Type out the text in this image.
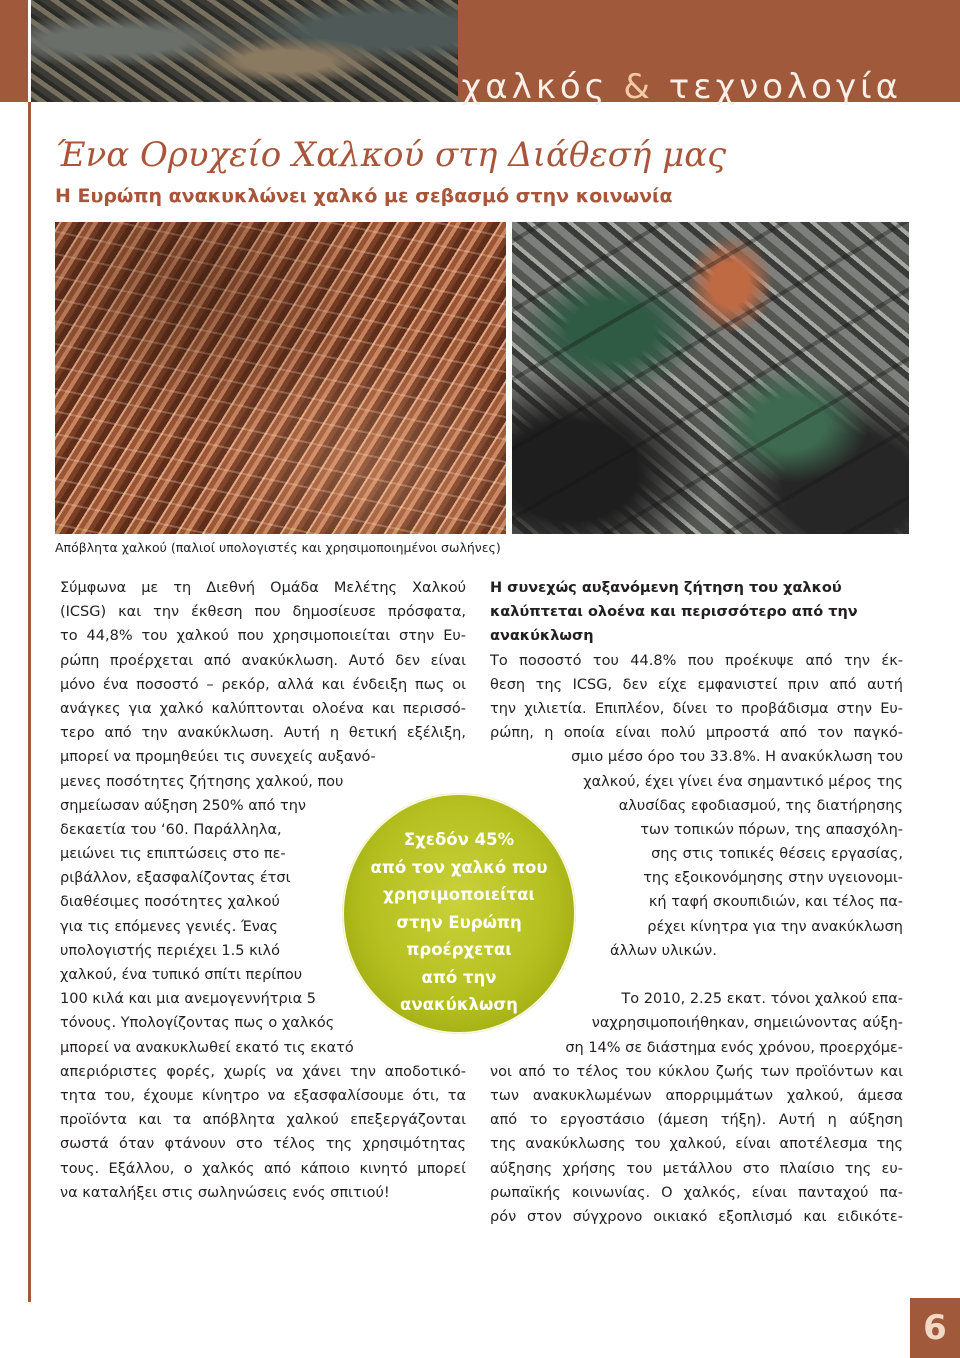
χαλκός & τεχνολογία
Ένα Ορυχείο Χαλκού στη Διάθεσή μας

Η Ευρώπη ανακυκλώνει χαλκό με σεβασμό στην κοινωνία

Απόβλητα χαλκού (παλιοί υπολογιστές και χρησιμοποιημένοι σωλήνες)

Σύμφωνα με τη Διεθνή Ομάδα Μελέτης Χαλκού
(ICSG) και την έκθεση που δημοσίευσε πρόσφατα,
το 44,8% του χαλκού που χρησιμοποιείται στην Ευ-
ρώπη προέρχεται από ανακύκλωση. Αυτό δεν είναι
μόνο ένα ποσοστό – ρεκόρ, αλλά και ένδειξη πως οι
ανάγκες για χαλκό καλύπτονται ολοένα και περισσό-
τερο από την ανακύκλωση. Αυτή η θετική εξέλιξη,
μπορεί να προμηθεύει τις συνεχείς αυξανό-
μενες ποσότητες ζήτησης χαλκού, που
σημείωσαν αύξηση 250% από την
δεκαετία του ‘60. Παράλληλα,
μειώνει τις επιπτώσεις στο πε-
ριβάλλον, εξασφαλίζοντας έτσι
διαθέσιμες ποσότητες χαλκού
για τις επόμενες γενιές. Ένας
υπολογιστής περιέχει 1.5 κιλό
χαλκού, ένα τυπικό σπίτι περίπου
100 κιλά και μια ανεμογεννήτρια 5
τόνους. Υπολογίζοντας πως ο χαλκός
μπορεί να ανακυκλωθεί εκατό τις εκατό
απεριόριστες φορές, χωρίς να χάνει την αποδοτικό-
τητα του, έχουμε κίνητρο να εξασφαλίσουμε ότι, τα
προϊόντα και τα απόβλητα χαλκού επεξεργάζονται
σωστά όταν φτάνουν στο τέλος της χρησιμότητας
τους. Εξάλλου, ο χαλκός από κάποιο κινητό μπορεί
να καταλήξει στις σωληνώσεις ενός σπιτιού!
Η συνεχώς αυξανόμενη ζήτηση του χαλκού
καλύπτεται ολοένα και περισσότερο από την
ανακύκλωση
Το ποσοστό του 44.8% που προέκυψε από την έκ-
θεση της ICSG, δεν είχε εμφανιστεί πριν από αυτή
την χιλιετία. Επιπλέον, δίνει το προβάδισμα στην Ευ-
ρώπη, η οποία είναι πολύ μπροστά από τον παγκό-
σμιο μέσο όρο του 33.8%. Η ανακύκλωση του
χαλκού, έχει γίνει ένα σημαντικό μέρος της
αλυσίδας εφοδιασμού, της διατήρησης
των τοπικών πόρων, της απασχόλη-
σης στις τοπικές θέσεις εργασίας,
της εξοικονόμησης στην υγειονομι-
κή ταφή σκουπιδιών, και τέλος πα-
ρέχει κίνητρα για την ανακύκλωση
άλλων υλικών.
Το 2010, 2.25 εκατ. τόνοι χαλκού επα-
ναχρησιμοποιήθηκαν, σημειώνοντας αύξη-
ση 14% σε διάστημα ενός χρόνου, προερχόμε-
νοι από το τέλος του κύκλου ζωής των προϊόντων και
των ανακυκλωμένων απορριμμάτων χαλκού, άμεσα
από το εργοστάσιο (άμεση τήξη). Αυτή η αύξηση
της ανακύκλωσης του χαλκού, είναι αποτέλεσμα της
αύξησης χρήσης του μετάλλου στο πλαίσιο της ευ-
ρωπαϊκής κοινωνίας. Ο χαλκός, είναι πανταχού πα-
ρόν στον σύγχρονο οικιακό εξοπλισμό και ειδικότε-
Σχεδόν 45%
από τον χαλκό που
χρησιμοποιείται
στην Ευρώπη
προέρχεται
από την
ανακύκλωση
6
